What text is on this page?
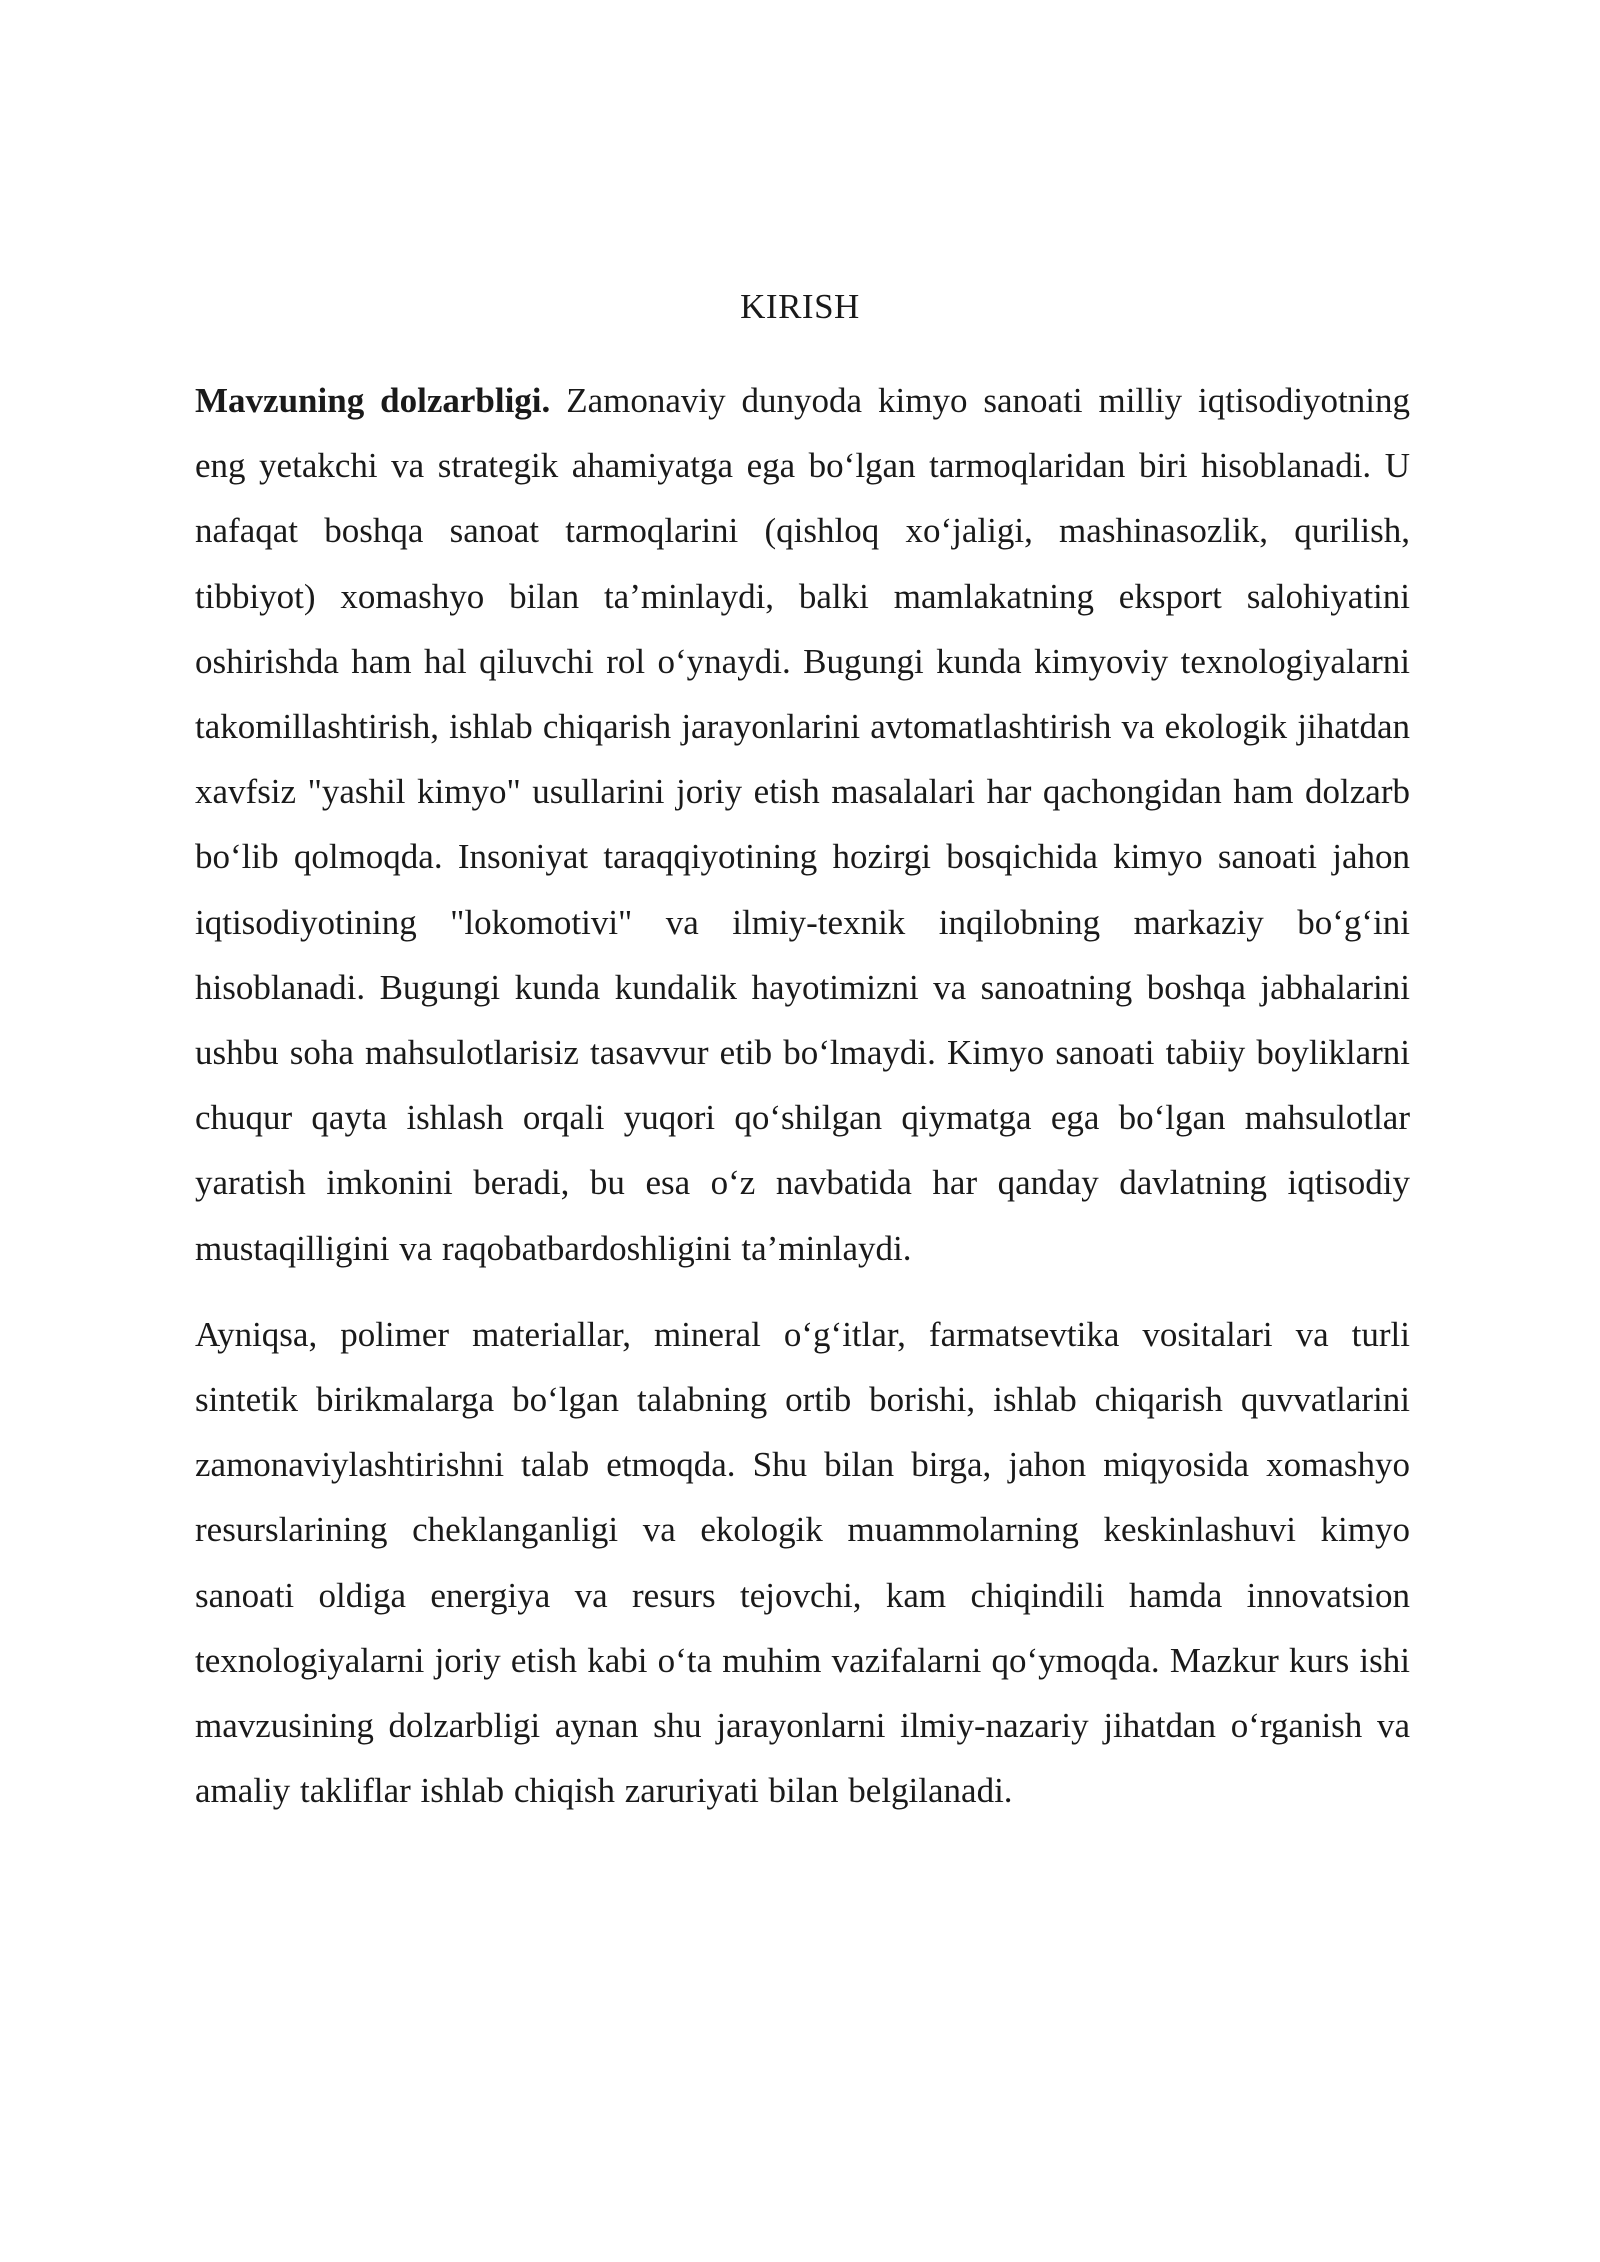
KIRISH

Mavzuning dolzarbligi. Zamonaviy dunyoda kimyo sanoati milliy iqtisodiyotning eng yetakchi va strategik ahamiyatga ega bo‘lgan tarmoqlaridan biri hisoblanadi. U nafaqat boshqa sanoat tarmoqlarini (qishloq xo‘jaligi, mashinasozlik, qurilish, tibbiyot) xomashyo bilan ta’minlaydi, balki mamlakatning eksport salohiyatini oshirishda ham hal qiluvchi rol o‘ynaydi. Bugungi kunda kimyoviy texnologiyalarni takomillashtirish, ishlab chiqarish jarayonlarini avtomatlashtirish va ekologik jihatdan xavfsiz "yashil kimyo" usullarini joriy etish masalalari har qachongidan ham dolzarb bo‘lib qolmoqda. Insoniyat taraqqiyotining hozirgi bosqichida kimyo sanoati jahon iqtisodiyotining "lokomotivi" va ilmiy-texnik inqilobning markaziy bo‘g‘ini hisoblanadi. Bugungi kunda kundalik hayotimizni va sanoatning boshqa jabhalarini ushbu soha mahsulotlarisiz tasavvur etib bo‘lmaydi. Kimyo sanoati tabiiy boyliklarni chuqur qayta ishlash orqali yuqori qo‘shilgan qiymatga ega bo‘lgan mahsulotlar yaratish imkonini beradi, bu esa o‘z navbatida har qanday davlatning iqtisodiy mustaqilligini va raqobatbardoshligini ta’minlaydi.

Ayniqsa, polimer materiallar, mineral o‘g‘itlar, farmatsevtika vositalari va turli sintetik birikmalarga bo‘lgan talabning ortib borishi, ishlab chiqarish quvvatlarini zamonaviylashtirishni talab etmoqda. Shu bilan birga, jahon miqyosida xomashyo resurslarining cheklanganligi va ekologik muammolarning keskinlashuvi kimyo sanoati oldiga energiya va resurs tejovchi, kam chiqindili hamda innovatsion texnologiyalarni joriy etish kabi o‘ta muhim vazifalarni qo‘ymoqda. Mazkur kurs ishi mavzusining dolzarbligi aynan shu jarayonlarni ilmiy-nazariy jihatdan o‘rganish va amaliy takliflar ishlab chiqish zaruriyati bilan belgilanadi.
